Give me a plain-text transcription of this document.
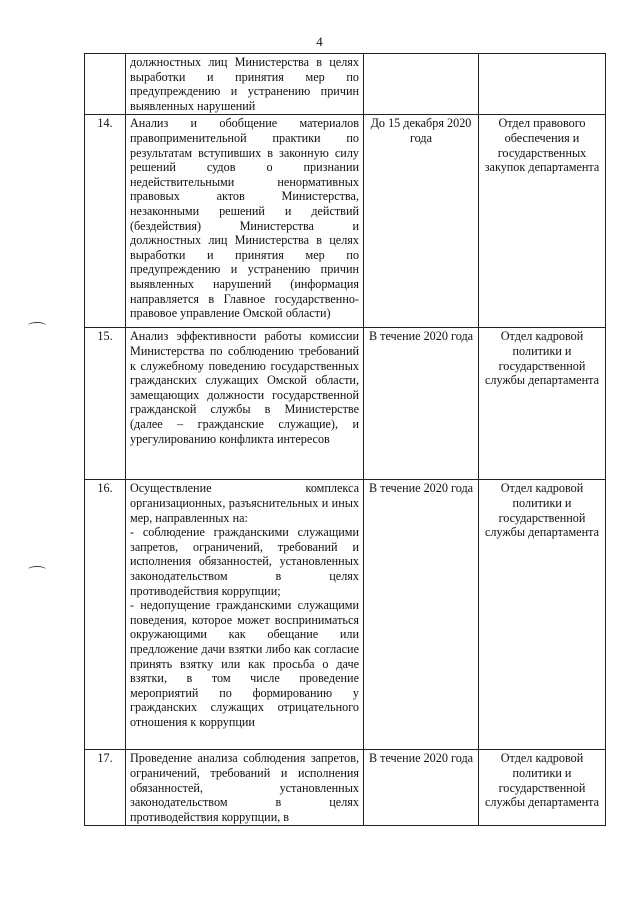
4
	должностных лиц Министерства в целях выработки и принятия мер по предупреждению и устранению причин выявленных нарушений		
14.	Анализ и обобщение материалов правоприменительной практики по результатам вступивших в законную силу решений судов о признании недействительными ненормативных правовых актов Министерства, незаконными решений и действий (бездействия) Министерства и должностных лиц Министерства в целях выработки и принятия мер по предупреждению и устранению причин выявленных нарушений (информация направляется в Главное государственно-правовое управление Омской области)	До 15 декабря 2020 года	Отдел правового обеспечения и государственных закупок департамента
15.	Анализ эффективности работы комиссии Министерства по соблюдению требований к служебному поведению государственных гражданских служащих Омской области, замещающих должности государственной гражданской службы в Министерстве (далее – гражданские служащие), и урегулированию конфликта интересов	В течение 2020 года	Отдел кадровой политики и государственной службы департамента
16.	Осуществление комплекса организационных, разъяснительных и иных мер, направленных на:
- соблюдение гражданскими служащими запретов, ограничений, требований и исполнения обязанностей, установленных законодательством в целях противодействия коррупции;
- недопущение гражданскими служащими поведения, которое может восприниматься окружающими как обещание или предложение дачи взятки либо как согласие принять взятку или как просьба о даче взятки, в том числе проведение мероприятий по формированию у гражданских служащих отрицательного отношения к коррупции	В течение 2020 года	Отдел кадровой политики и государственной службы департамента
17.	Проведение анализа соблюдения запретов, ограничений, требований и исполнения обязанностей, установленных законодательством в целях противодействия коррупции, в	В течение 2020 года	Отдел кадровой политики и государственной службы департамента
